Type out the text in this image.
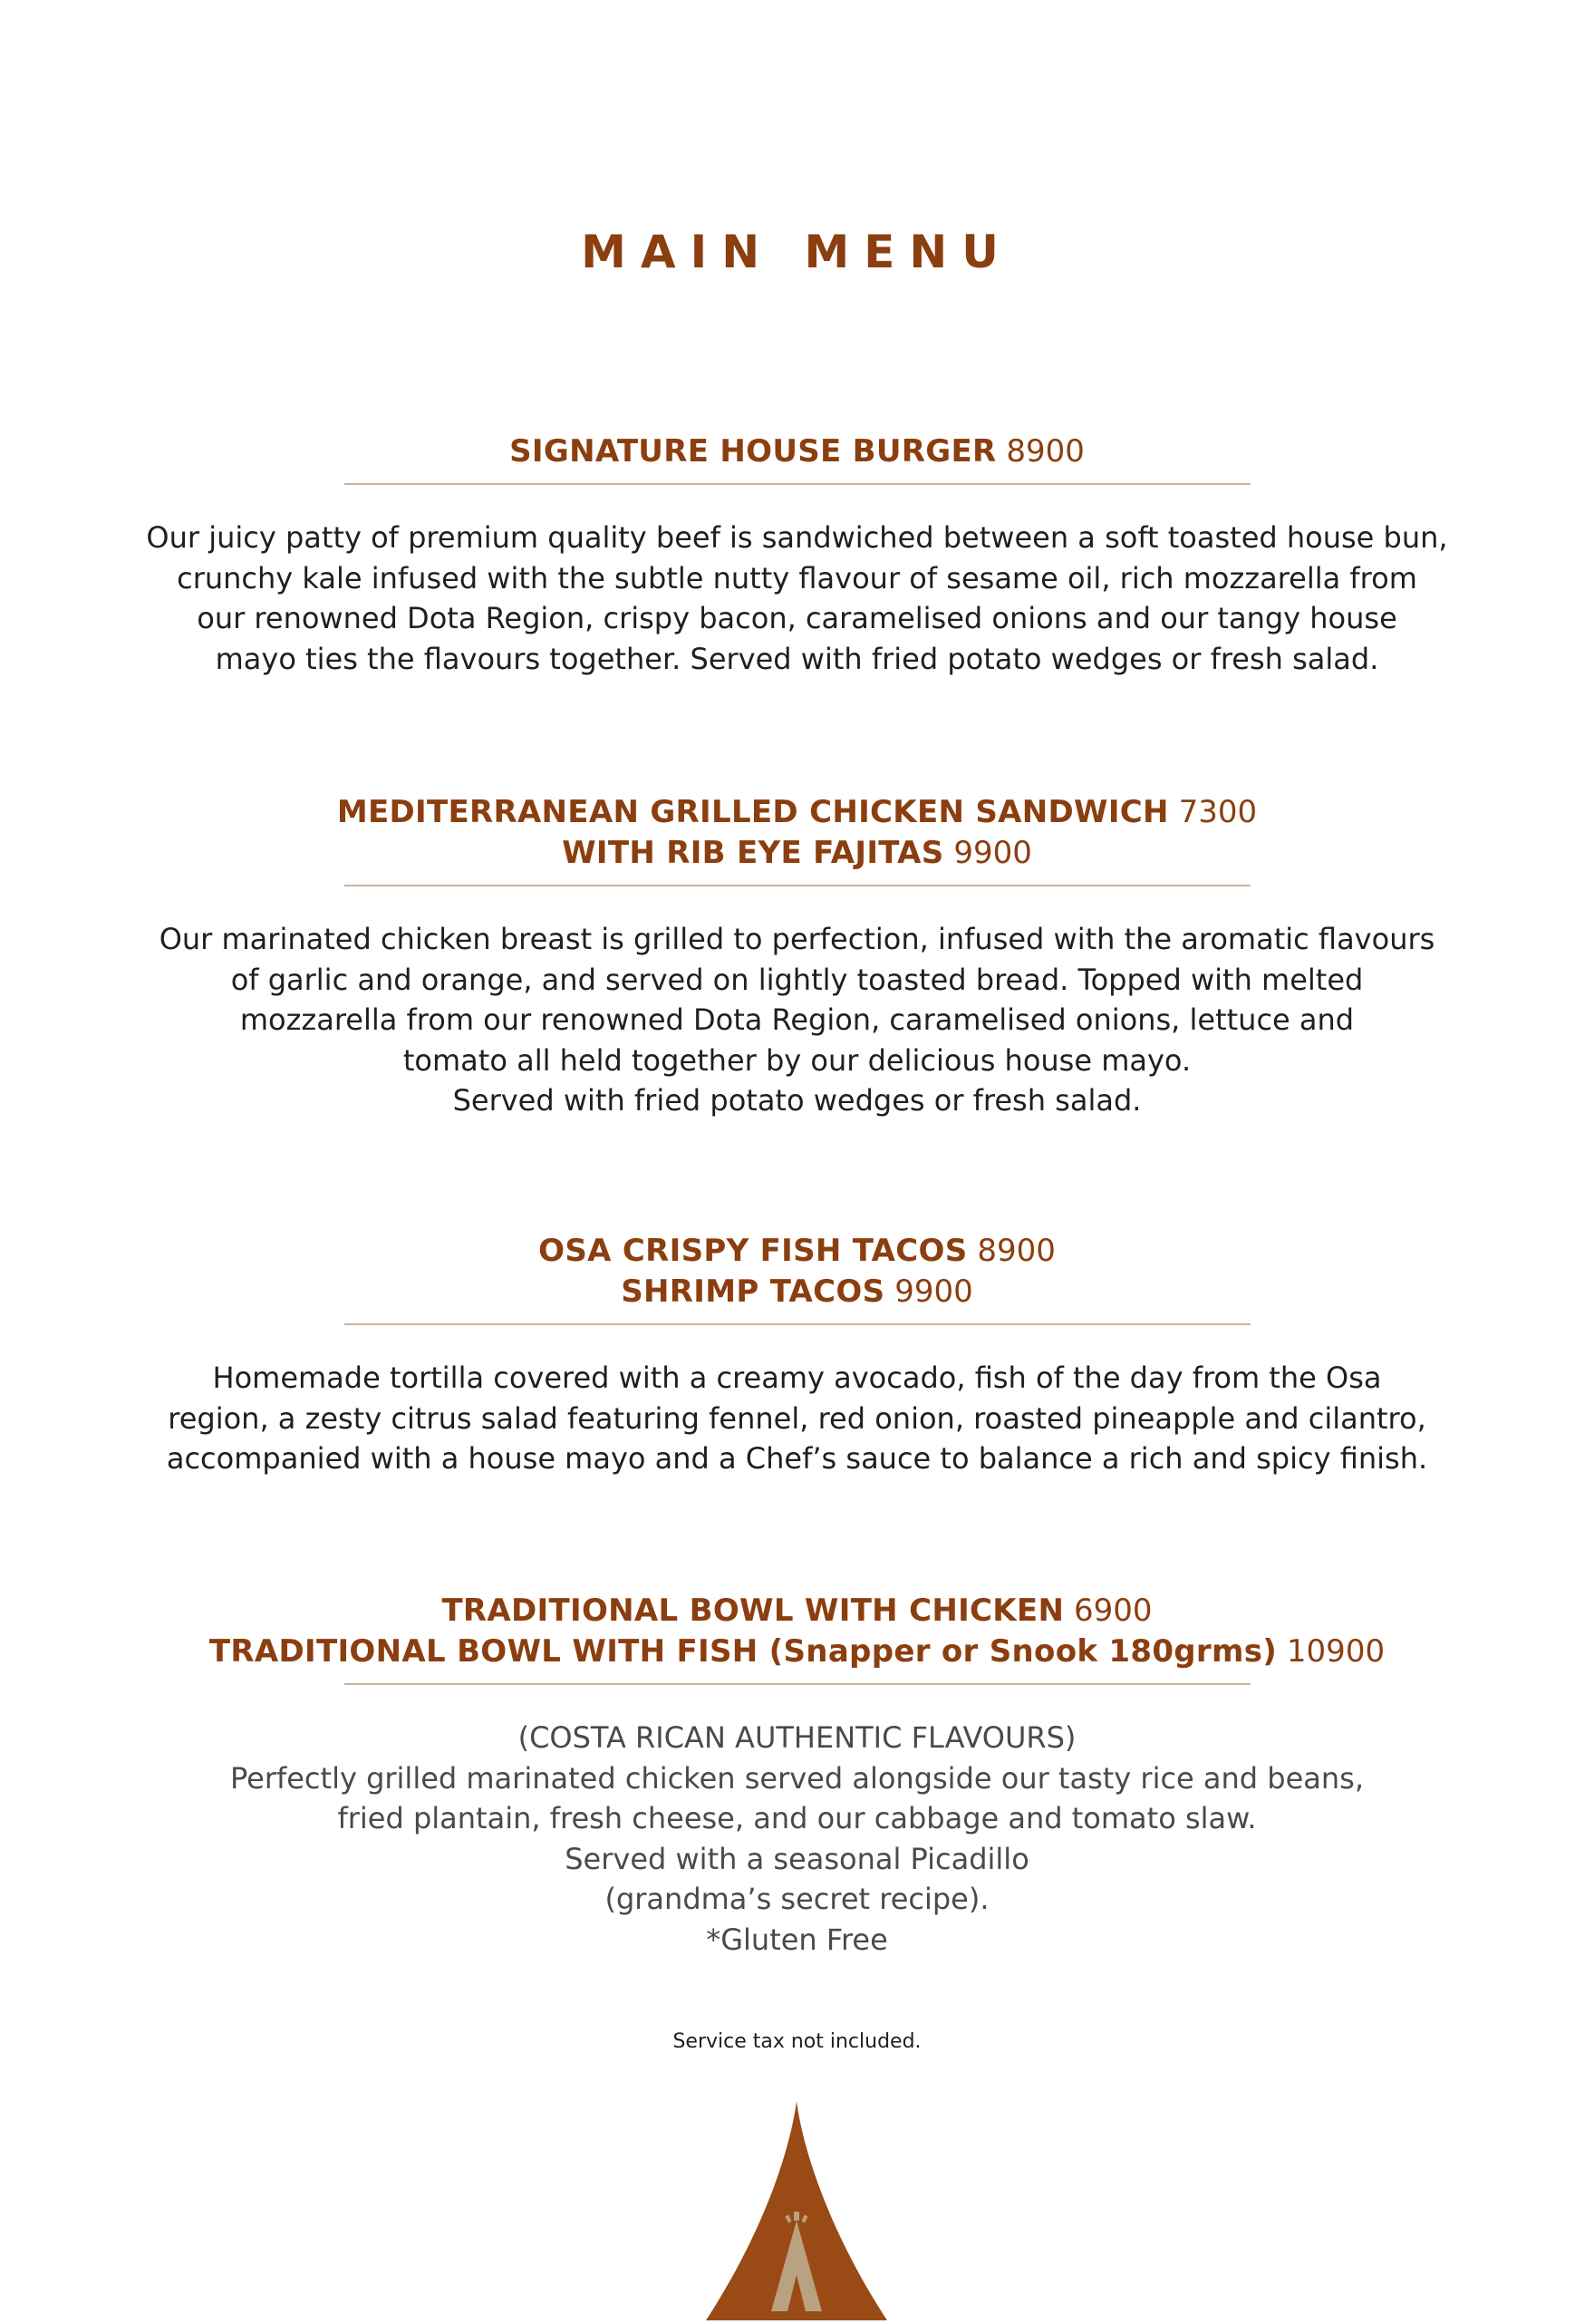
MAIN MENU
SIGNATURE HOUSE BURGER 8900
Our juicy patty of premium quality beef is sandwiched between a soft toasted house bun,
crunchy kale infused with the subtle nutty flavour of sesame oil, rich mozzarella from
our renowned Dota Region, crispy bacon, caramelised onions and our tangy house
mayo ties the flavours together. Served with fried potato wedges or fresh salad.
MEDITERRANEAN GRILLED CHICKEN SANDWICH 7300
WITH RIB EYE FAJITAS 9900
Our marinated chicken breast is grilled to perfection, infused with the aromatic flavours
of garlic and orange, and served on lightly toasted bread. Topped with melted
mozzarella from our renowned Dota Region, caramelised onions, lettuce and
tomato all held together by our delicious house mayo.
Served with fried potato wedges or fresh salad.
OSA CRISPY FISH TACOS 8900
SHRIMP TACOS 9900
Homemade tortilla covered with a creamy avocado, fish of the day from the Osa
region, a zesty citrus salad featuring fennel, red onion, roasted pineapple and cilantro,
accompanied with a house mayo and a Chef’s sauce to balance a rich and spicy finish.
TRADITIONAL BOWL WITH CHICKEN 6900
TRADITIONAL BOWL WITH FISH (Snapper or Snook 180grms) 10900
(COSTA RICAN AUTHENTIC FLAVOURS)
Perfectly grilled marinated chicken served alongside our tasty rice and beans,
fried plantain, fresh cheese, and our cabbage and tomato slaw.
Served with a seasonal Picadillo
(grandma’s secret recipe).
*Gluten Free
Service tax not included.
